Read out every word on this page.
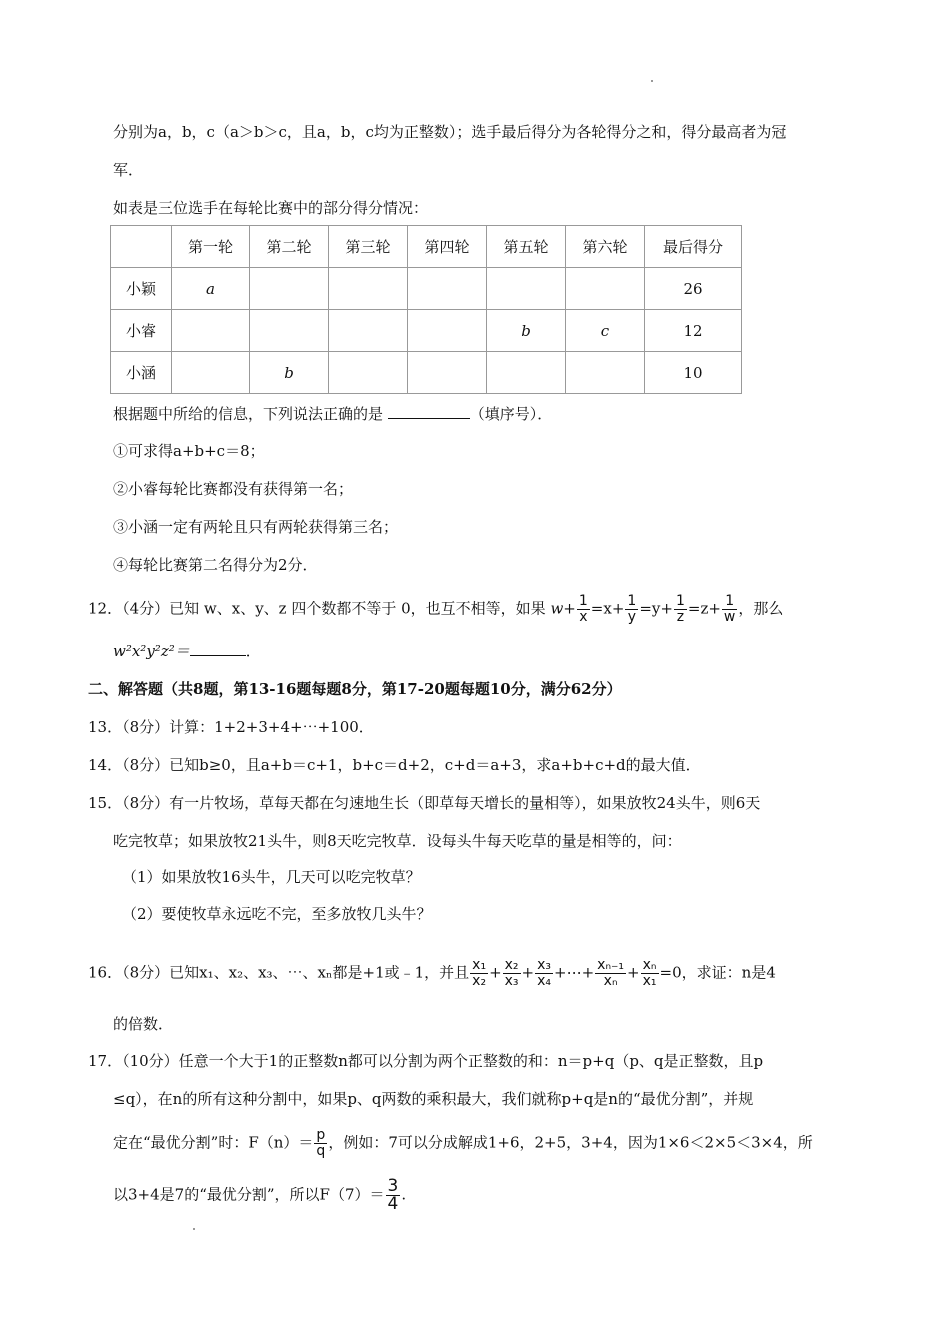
分别为a，b，c（a＞b＞c，且a，b，c均为正整数）；选手最后得分为各轮得分之和，得分最高者为冠
军．
如表是三位选手在每轮比赛中的部分得分情况：
	第一轮	第二轮	第三轮	第四轮	第五轮	第六轮	最后得分
小颖	a						26
小睿					b	c	12
小涵		b					10
根据题中所给的信息，下列说法正确的是	（填序号）．
①可求得a+b+c＝8；
②小睿每轮比赛都没有获得第一名；
③小涵一定有两轮且只有两轮获得第三名；
④每轮比赛第二名得分为2分．
12．（4分）已知 w、x、y、z 四个数都不等于 0，也互不相等，如果 $w+ \frac{1}{x} =x+ \frac{1}{y} =y+ \frac{1}{z} =z+ \frac{1}{w}$ ，那么
w²x²y²z²＝	．
二、解答题（共8题，第13-16题每题8分，第17-20题每题10分，满分62分）
13．（8分）计算：1+2+3+4+⋯+100．
14．（8分）已知b≥0，且a+b＝c+1，b+c＝d+2，c+d＝a+3，求a+b+c+d的最大值．
15．（8分）有一片牧场，草每天都在匀速地生长（即草每天增长的量相等），如果放牧24头牛，则6天
吃完牧草；如果放牧21头牛，则8天吃完牧草．设每头牛每天吃草的量是相等的，问：
（1）如果放牧16头牛，几天可以吃完牧草？
（2）要使牧草永远吃不完，至多放牧几头牛？
16．（8分）已知x₁、x₂、x₃、⋯、xₙ都是+1或﹣1，并且 $\frac{\text{x₁}}{\text{x₂}} + \frac{\text{x₂}}{\text{x₃}} + \frac{\text{x₃}}{\text{x₄}}$ +⋯+ $\frac{\text{xₙ₋₁}}{\text{xₙ}} + \frac{\text{xₙ}}{\text{x₁}} =0$，求证：n是4
的倍数．
17．（10分）任意一个大于1的正整数n都可以分割为两个正整数的和：n＝p+q（p、q是正整数，且p
≤q），在n的所有这种分割中，如果p、q两数的乘积最大，我们就称p+q是n的“最优分割”，并规
定在“最优分割”时：$F(n)= \frac{p}{q}$ ，例如：7可以分成解成1+6，2+5，3+4，因为1×6＜2×5＜3×4，所
以3+4是7的“最优分割”，所以$F(7)= \frac{3}{4}$ .
